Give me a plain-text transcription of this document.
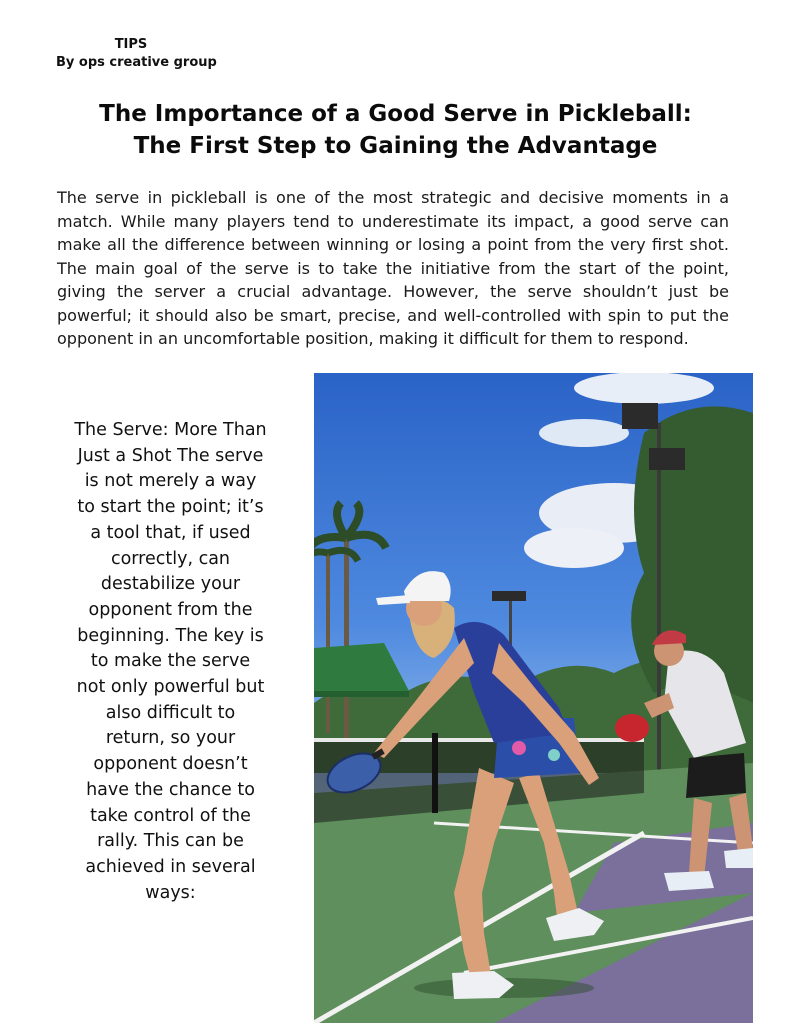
TIPS
By ops creative group
The Importance of a Good Serve in Pickleball:
The First Step to Gaining the Advantage
The serve in pickleball is one of the most strategic and decisive moments in a match. While many players tend to underestimate its impact, a good serve can make all the difference between winning or losing a point from the very first shot. The main goal of the serve is to take the initiative from the start of the point, giving the server a crucial advantage. However, the serve shouldn’t just be powerful; it should also be smart, precise, and well-controlled with spin to put the opponent in an uncomfortable position, making it difficult for them to respond.
The Serve: More Than Just a Shot The serve is not merely a way to start the point; it’s a tool that, if used correctly, can destabilize your opponent from the beginning. The key is to make the serve not only powerful but also difficult to return, so your opponent doesn’t have the chance to take control of the rally. This can be achieved in several ways:
